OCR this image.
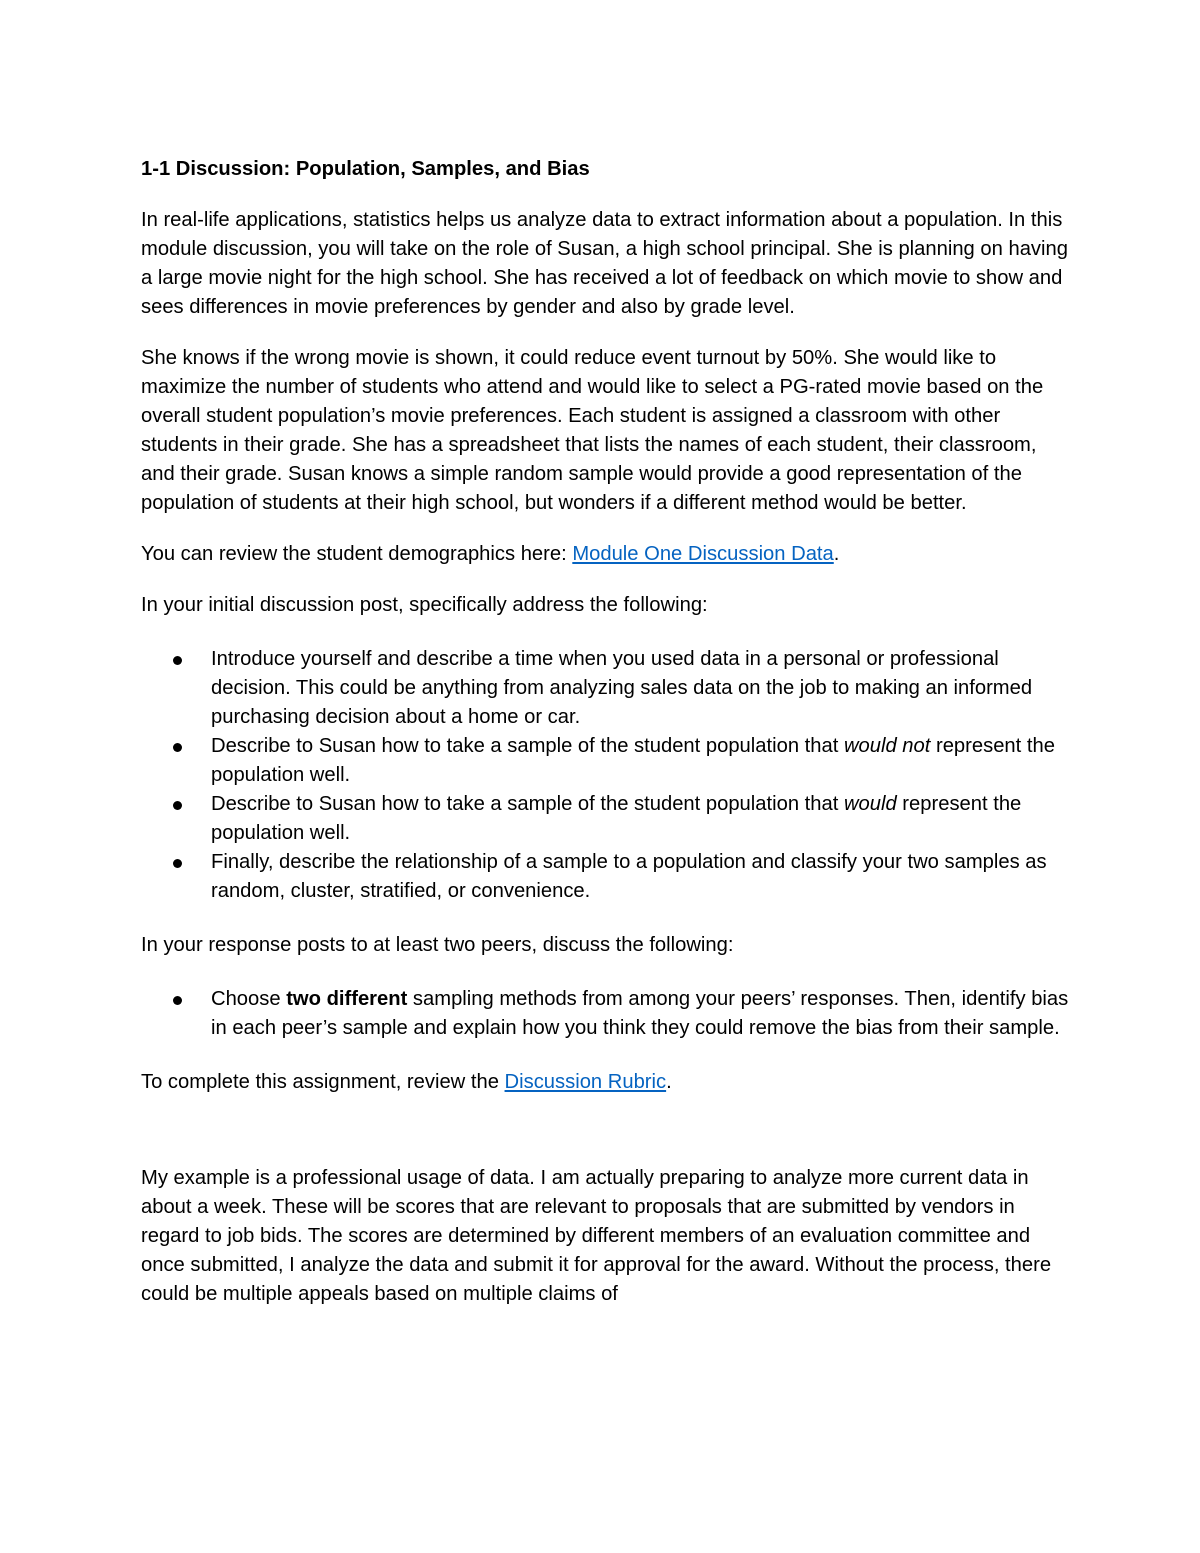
1-1 Discussion: Population, Samples, and Bias

In real-life applications, statistics helps us analyze data to extract information about a population. In this module discussion, you will take on the role of Susan, a high school principal. She is planning on having a large movie night for the high school. She has received a lot of feedback on which movie to show and sees differences in movie preferences by gender and also by grade level.

She knows if the wrong movie is shown, it could reduce event turnout by 50%. She would like to maximize the number of students who attend and would like to select a PG-rated movie based on the overall student population’s movie preferences. Each student is assigned a classroom with other students in their grade. She has a spreadsheet that lists the names of each student, their classroom, and their grade. Susan knows a simple random sample would provide a good representation of the population of students at their high school, but wonders if a different method would be better.

You can review the student demographics here: Module One Discussion Data.

In your initial discussion post, specifically address the following:

Introduce yourself and describe a time when you used data in a personal or professional decision. This could be anything from analyzing sales data on the job to making an informed purchasing decision about a home or car.
Describe to Susan how to take a sample of the student population that would not represent the population well.
Describe to Susan how to take a sample of the student population that would represent the population well.
Finally, describe the relationship of a sample to a population and classify your two samples as random, cluster, stratified, or convenience.

In your response posts to at least two peers, discuss the following:

Choose two different sampling methods from among your peers’ responses. Then, identify bias in each peer’s sample and explain how you think they could remove the bias from their sample.

To complete this assignment, review the Discussion Rubric.

My example is a professional usage of data. I am actually preparing to analyze more current data in about a week. These will be scores that are relevant to proposals that are submitted by vendors in regard to job bids. The scores are determined by different members of an evaluation committee and once submitted, I analyze the data and submit it for approval for the award. Without the process, there could be multiple appeals based on multiple claims of
